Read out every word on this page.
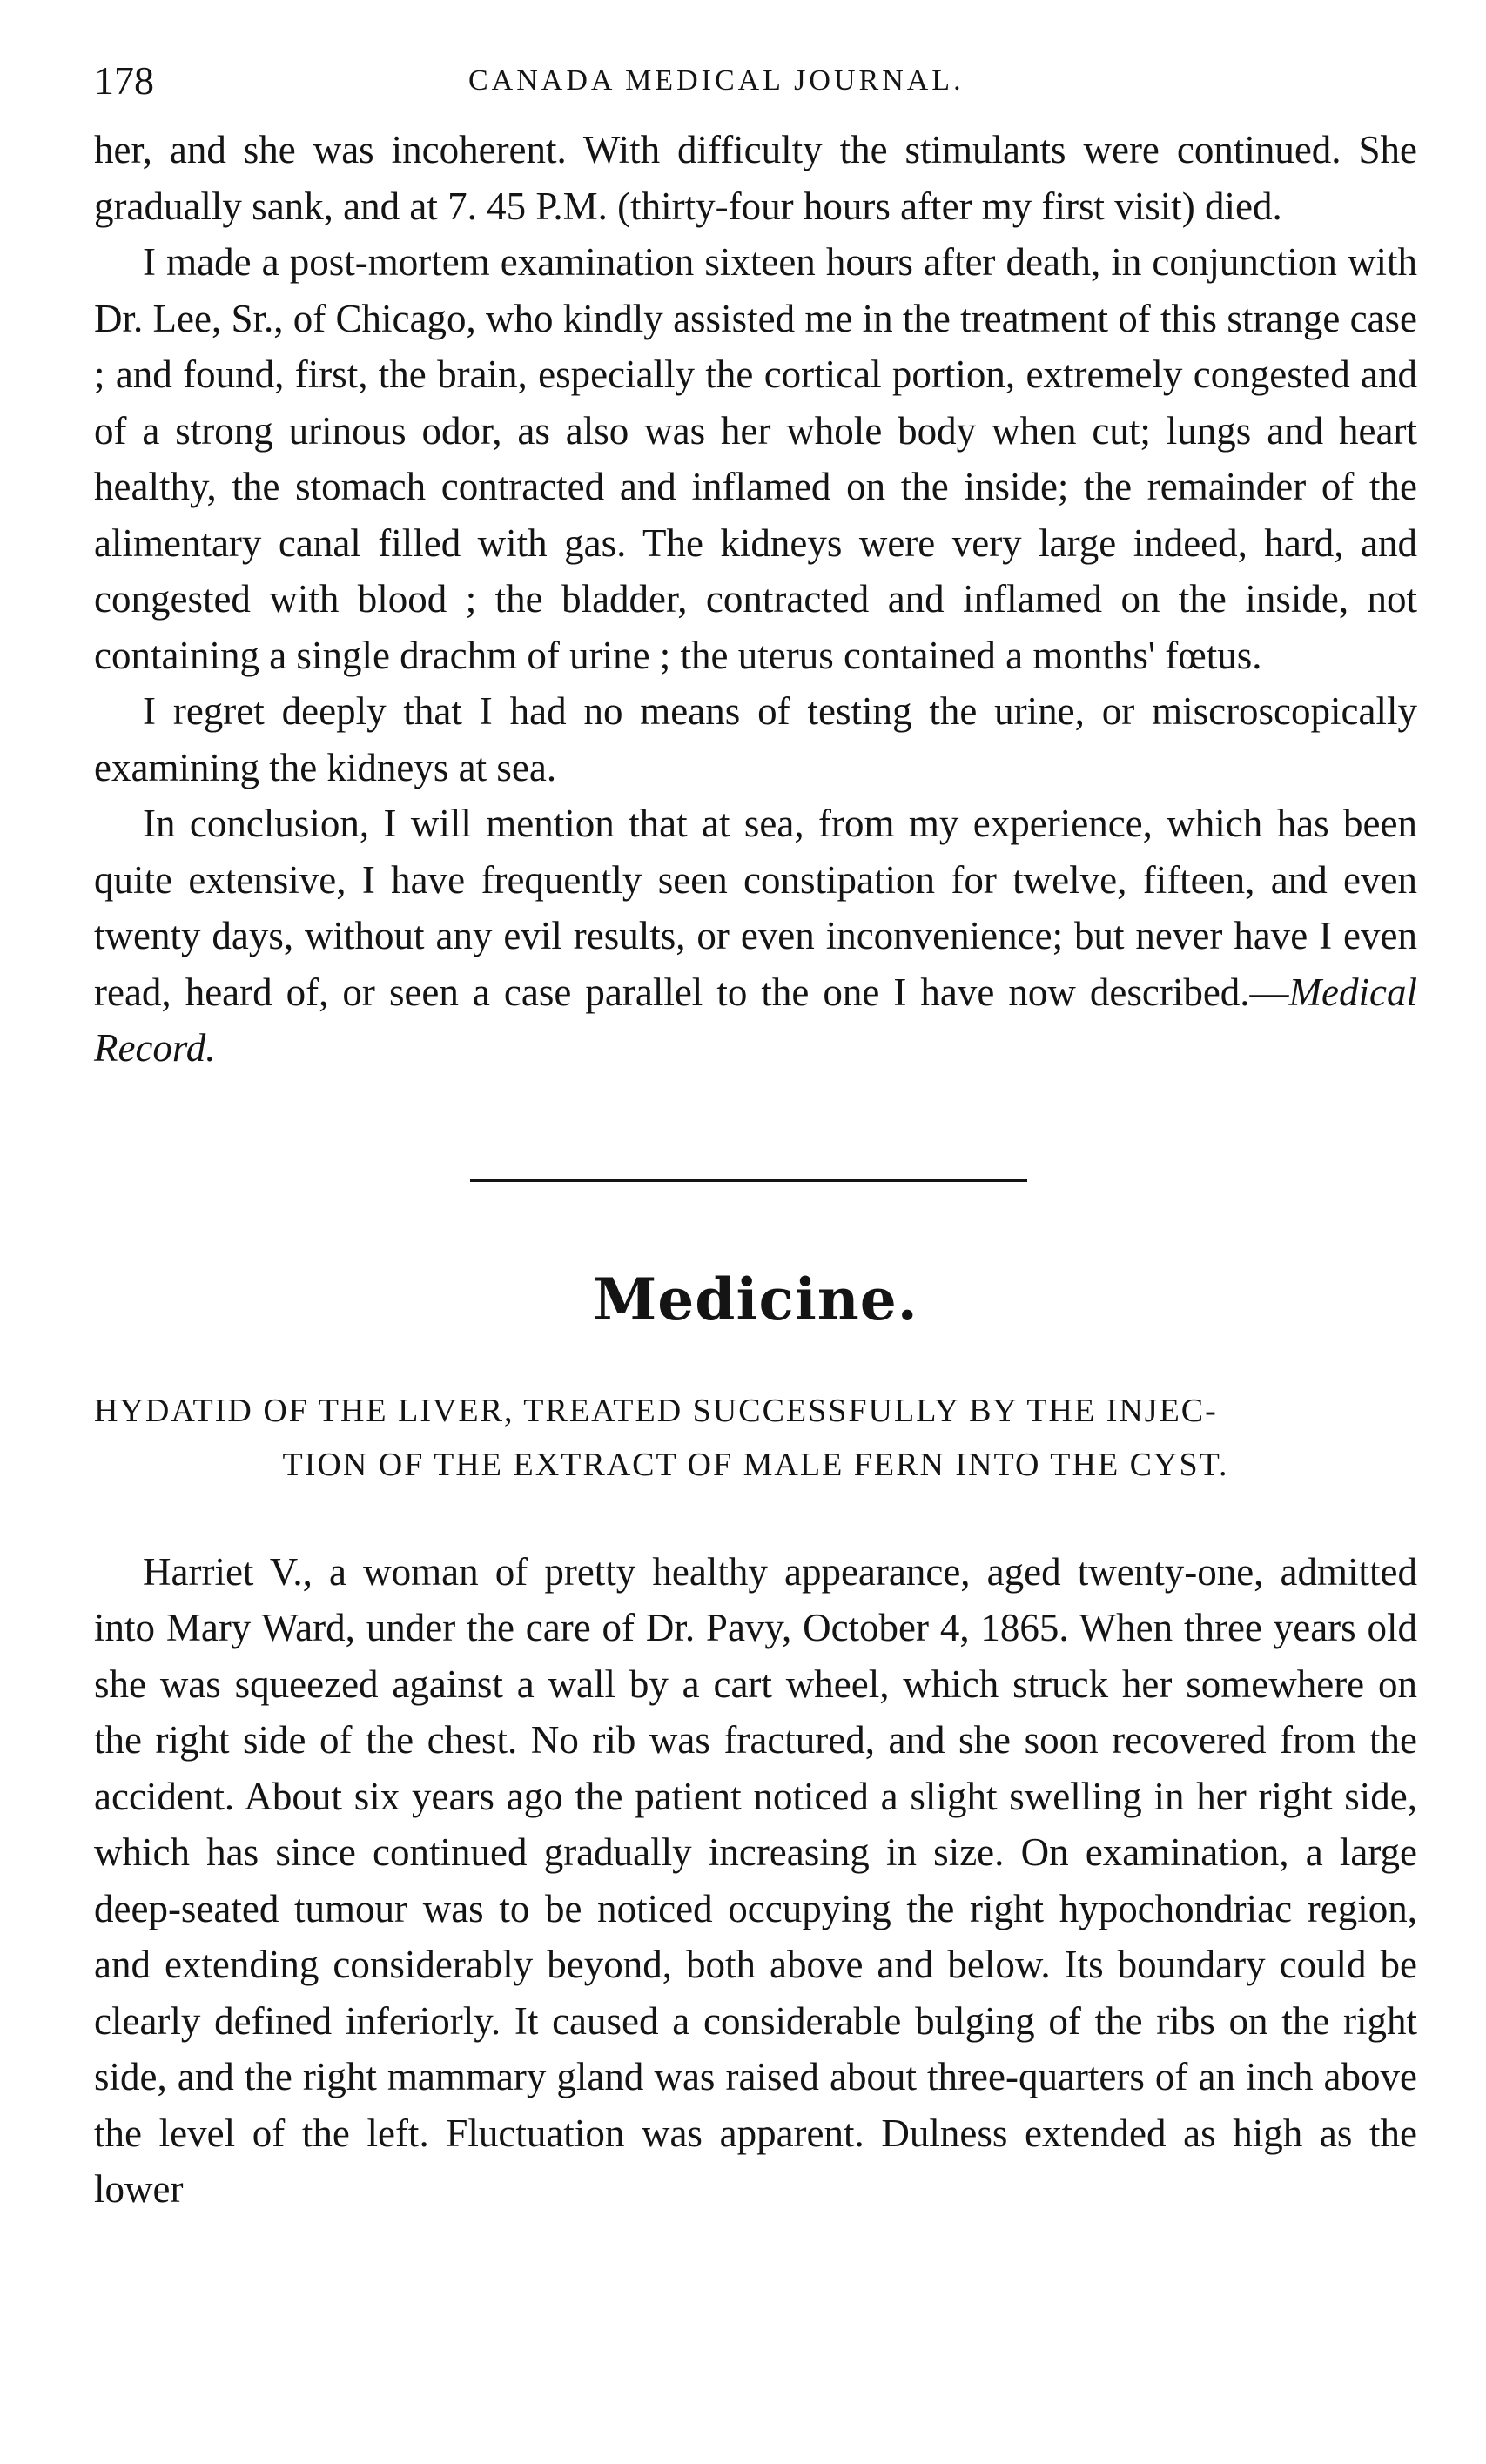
178	CANADA MEDICAL JOURNAL.

her, and she was incoherent. With difficulty the stimulants were continued. She gradually sank, and at 7. 45 P.M. (thirty-four hours after my first visit) died.

I made a post-mortem examination sixteen hours after death, in conjunction with Dr. Lee, Sr., of Chicago, who kindly assisted me in the treatment of this strange case ; and found, first, the brain, especially the cortical portion, extremely congested and of a strong urinous odor, as also was her whole body when cut; lungs and heart healthy, the stomach contracted and inflamed on the inside; the remainder of the alimentary canal filled with gas. The kidneys were very large indeed, hard, and congested with blood ; the bladder, contracted and inflamed on the inside, not containing a single drachm of urine ; the uterus contained a months' fœtus.

I regret deeply that I had no means of testing the urine, or miscroscopically examining the kidneys at sea.

In conclusion, I will mention that at sea, from my experience, which has been quite extensive, I have frequently seen constipation for twelve, fifteen, and even twenty days, without any evil results, or even inconvenience; but never have I even read, heard of, or seen a case parallel to the one I have now described.—Medical Record.

Medicine.
HYDATID OF THE LIVER, TREATED SUCCESSFULLY BY THE INJEC-
TION OF THE EXTRACT OF MALE FERN INTO THE CYST.

Harriet V., a woman of pretty healthy appearance, aged twenty-one, admitted into Mary Ward, under the care of Dr. Pavy, October 4, 1865. When three years old she was squeezed against a wall by a cart wheel, which struck her somewhere on the right side of the chest. No rib was fractured, and she soon recovered from the accident. About six years ago the patient noticed a slight swelling in her right side, which has since continued gradually increasing in size. On examination, a large deep-seated tumour was to be noticed occupying the right hypochondriac region, and extending considerably beyond, both above and below. Its boundary could be clearly defined inferiorly. It caused a considerable bulging of the ribs on the right side, and the right mammary gland was raised about three-quarters of an inch above the level of the left. Fluctuation was apparent. Dulness extended as high as the lower
